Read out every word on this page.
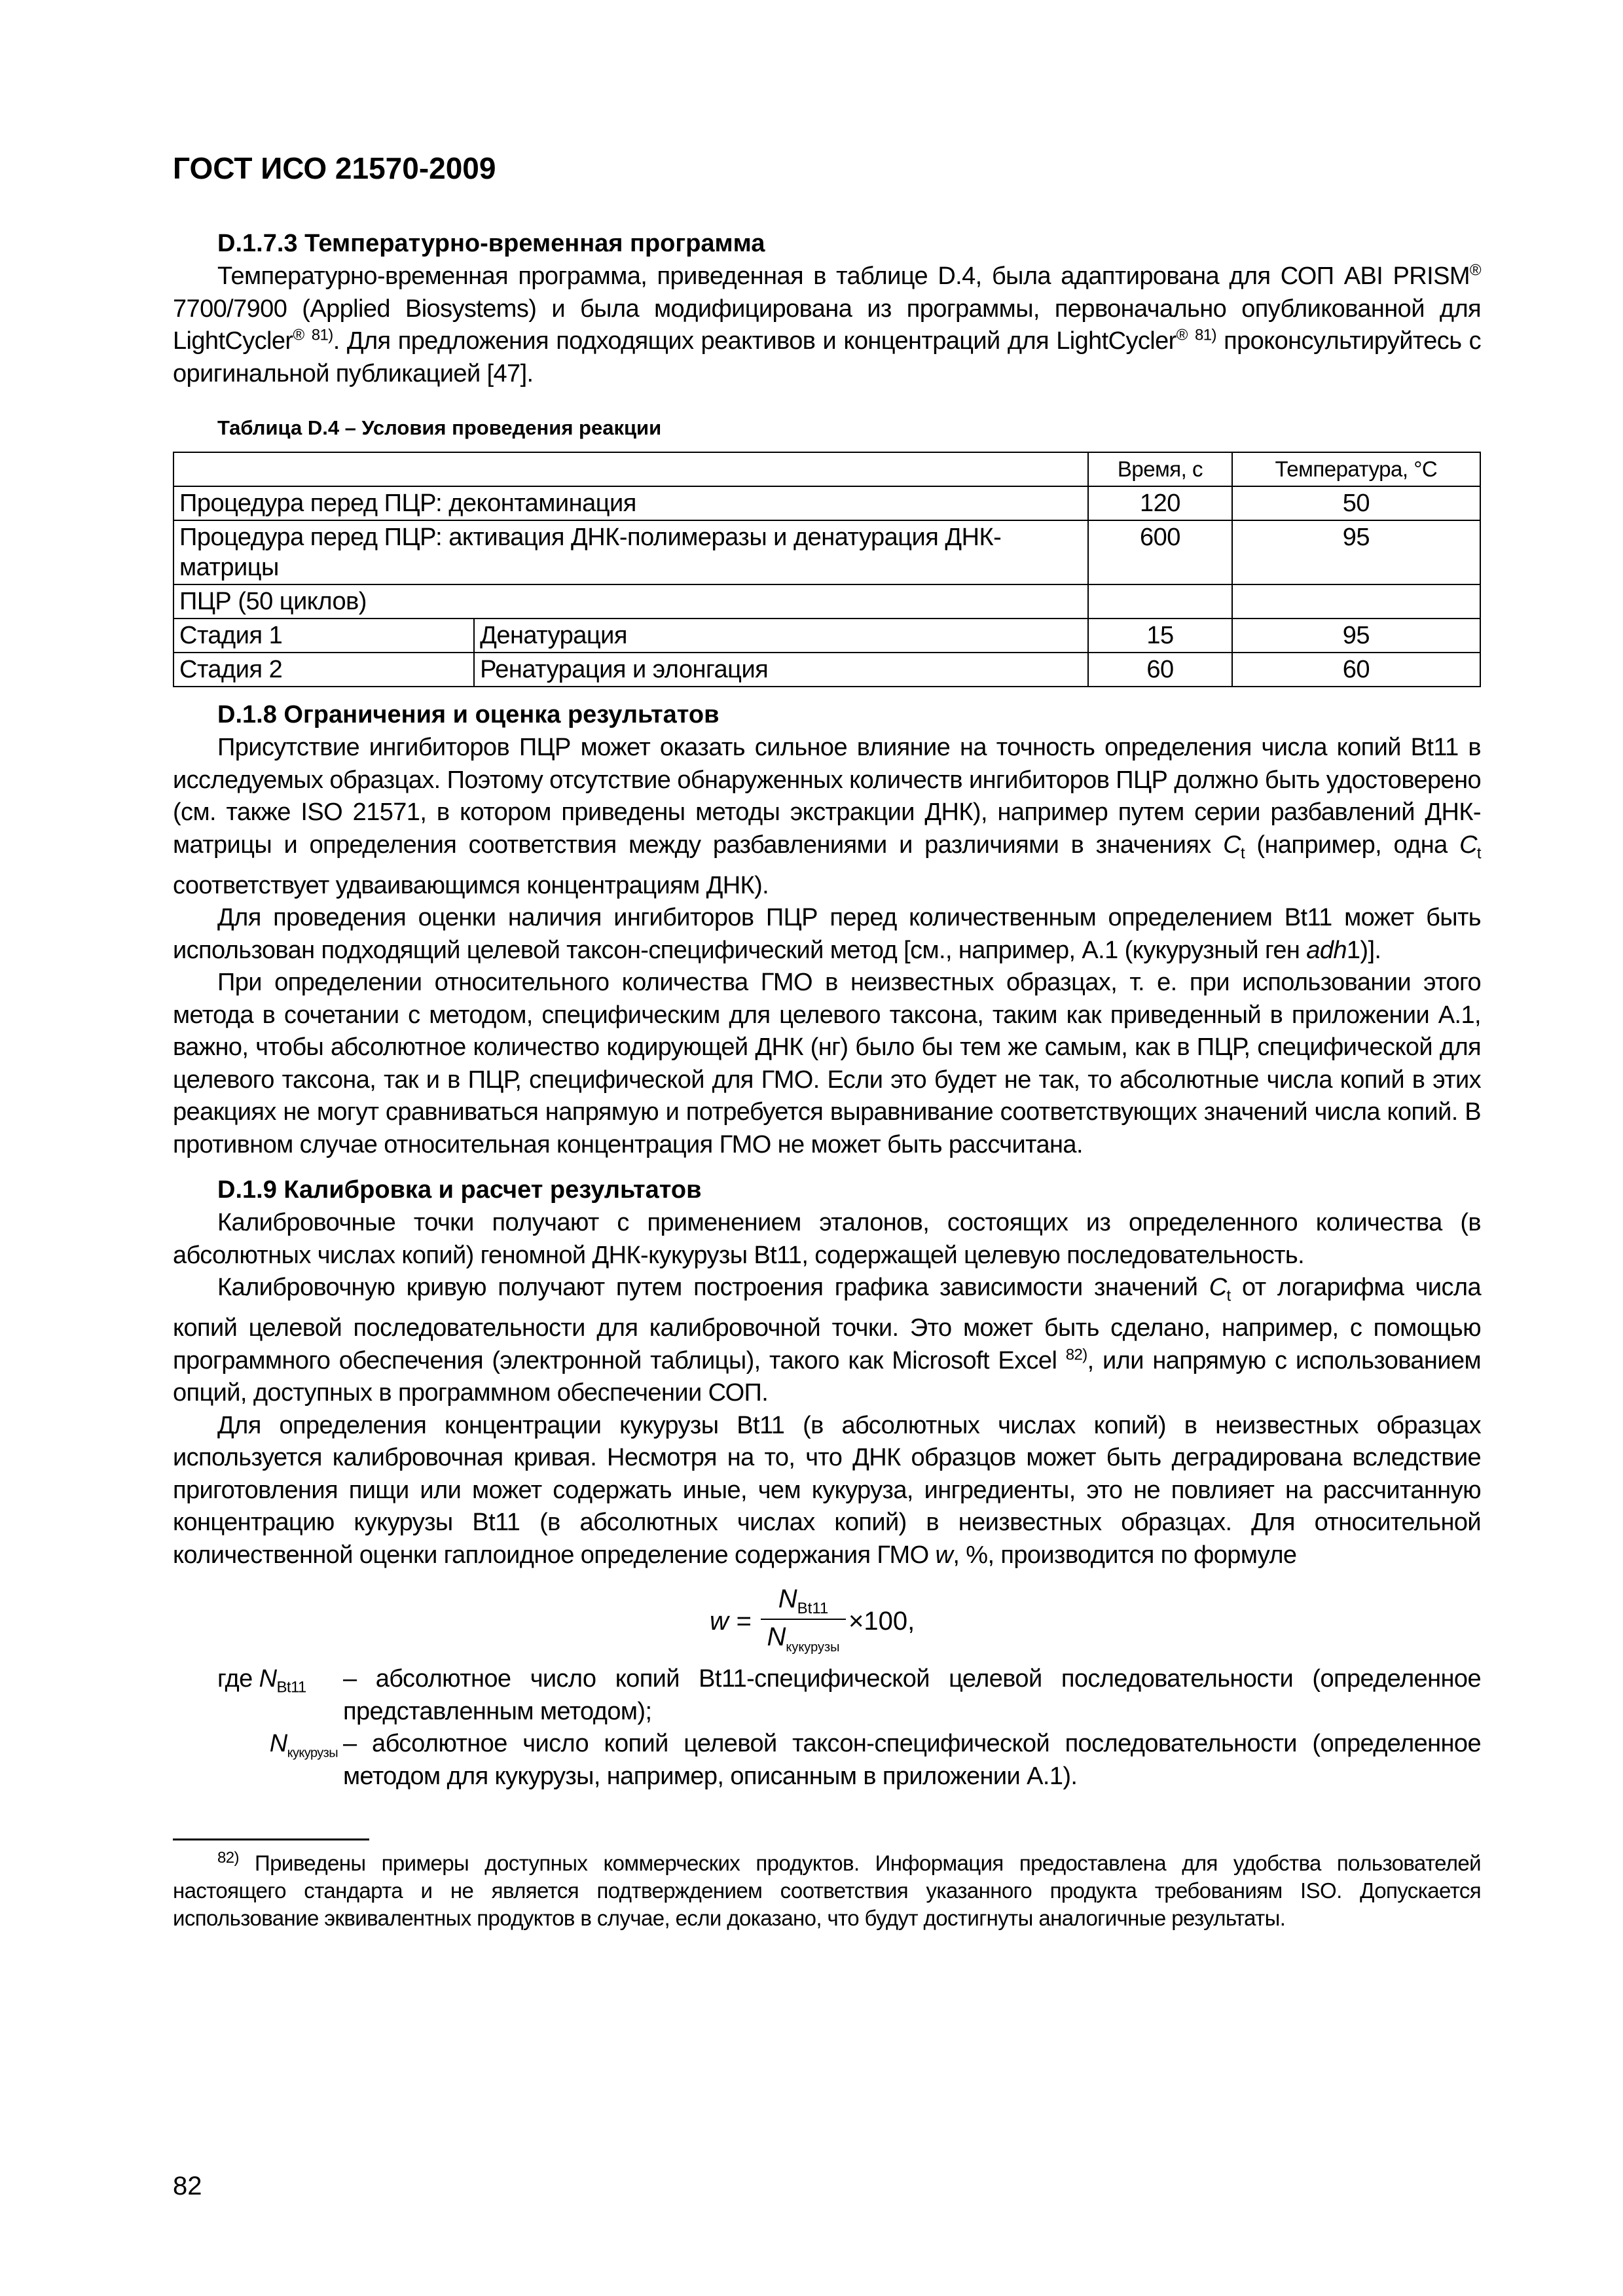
ГОСТ ИСО 21570-2009
D.1.7.3 Температурно-временная программа

Температурно-временная программа, приведенная в таблице D.4, была адаптирована для СОП ABI PRISM® 7700/7900 (Applied Biosystems) и была модифицирована из программы, первоначально опубликованной для LightCycler® $^{81)}$. Для предложения подходящих реактивов и концентраций для LightCycler® $^{81)}$ проконсультируйтесь с оригинальной публикацией [47].

Таблица D.4 – Условия проведения реакции
		Время, с	Температура, °С
Процедура перед ПЦР: деконтаминация		120	50
Процедура перед ПЦР: активация ДНК-полимеразы и денатурация ДНК-матрицы		600	95
ПЦР (50 циклов)			
Стадия 1	Денатурация	15	95
Стадия 2	Ренатурация и элонгация	60	60
D.1.8 Ограничения и оценка результатов

Присутствие ингибиторов ПЦР может оказать сильное влияние на точность определения числа копий Bt11 в исследуемых образцах. Поэтому отсутствие обнаруженных количеств ингибиторов ПЦР должно быть удостоверено (см. также ISO 21571, в котором приведены методы экстракции ДНК), например путем серии разбавлений ДНК-матрицы и определения соответствия между разбавлениями и различиями в значениях $C_t$ (например, одна $C_t$ соответствует удваивающимся концентрациям ДНК).

Для проведения оценки наличия ингибиторов ПЦР перед количественным определением Bt11 может быть использован подходящий целевой таксон-специфический метод [см., например, А.1 (кукурузный ген adh1)].

При определении относительного количества ГМО в неизвестных образцах, т. е. при использовании этого метода в сочетании с методом, специфическим для целевого таксона, таким как приведенный в приложении А.1, важно, чтобы абсолютное количество кодирующей ДНК (нг) было бы тем же самым, как в ПЦР, специфической для целевого таксона, так и в ПЦР, специфической для ГМО. Если это будет не так, то абсолютные числа копий в этих реакциях не могут сравниваться напрямую и потребуется выравнивание соответствующих значений числа копий. В противном случае относительная концентрация ГМО не может быть рассчитана.

D.1.9 Калибровка и расчет результатов

Калибровочные точки получают с применением эталонов, состоящих из определенного количества (в абсолютных числах копий) геномной ДНК-кукурузы Bt11, содержащей целевую последовательность.

Калибровочную кривую получают путем построения графика зависимости значений $C_t$ от логарифма числа копий целевой последовательности для калибровочной точки. Это может быть сделано, например, с помощью программного обеспечения (электронной таблицы), такого как Microsoft Excel $^{82)}$, или напрямую с использованием опций, доступных в программном обеспечении СОП.

Для определения концентрации кукурузы Bt11 (в абсолютных числах копий) в неизвестных образцах используется калибровочная кривая. Несмотря на то, что ДНК образцов может быть деградирована вследствие приготовления пищи или может содержать иные, чем кукуруза, ингредиенты, это не повлияет на рассчитанную концентрацию кукурузы Bt11 (в абсолютных числах копий) в неизвестных образцах. Для относительной количественной оценки гаплоидное определение содержания ГМО w, %, производится по формуле

w =
$N_{Bt11}$
$N_{кукурузы}$
×100,
где $N_{Bt11}$	– абсолютное число копий Bt11-специфической целевой последовательности (определенное представленным методом);
$N_{кукурузы}$ – абсолютное число копий целевой таксон-специфической последовательности (определенное методом для кукурузы, например, описанным в приложении А.1).
$^{82)}$ Приведены примеры доступных коммерческих продуктов. Информация предоставлена для удобства пользователей настоящего стандарта и не является подтверждением соответствия указанного продукта требованиям ISO. Допускается использование эквивалентных продуктов в случае, если доказано, что будут достигнуты аналогичные результаты.
82
